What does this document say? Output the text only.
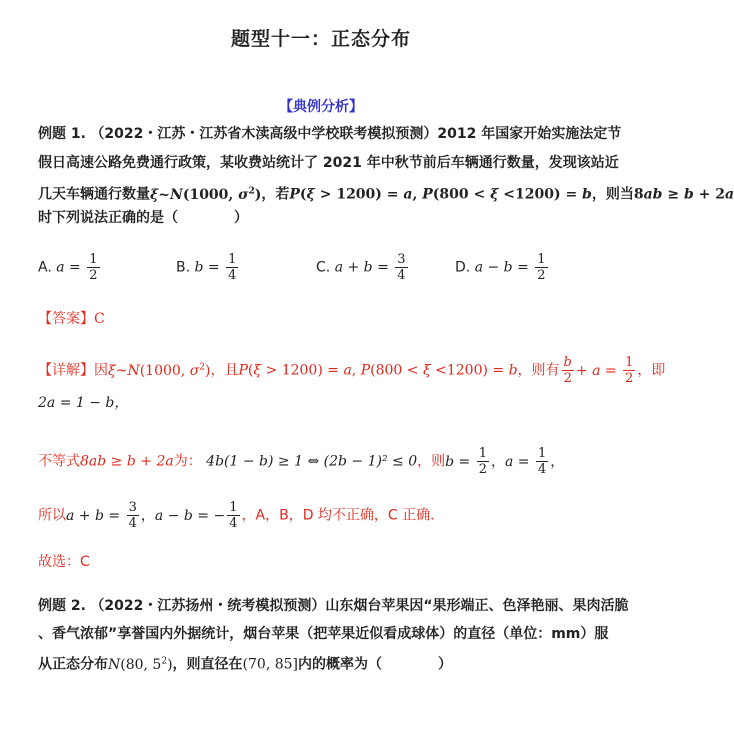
题型十一：正态分布
【典例分析】
例题 1. （2022・江苏・江苏省木渎高级中学校联考模拟预测）2012 年国家开始实施法定节
假日高速公路免费通行政策，某收费站统计了 2021 年中秋节前后车辆通行数量，发现该站近
几天车辆通行数量ξ~N(1000, $\sigma^2$)，若P(ξ > 1200) = a, P(800 < ξ <1200) = b，则当8ab ≥ b + 2a
时下列说法正确的是（　　　　）
A. $a = \frac{1}{2}$	B. $b = \frac{1}{4}$	C. $a + b = \frac{3}{4}$	D. $a - b = \frac{1}{2}$
【答案】C
【详解】因ξ~N(1000, $\sigma^2$)，且P(ξ > 1200) = a, P(800 < ξ <1200) = b，则有 $\frac{b}{2} + a = \frac{1}{2}$ ，即
2a = 1 − b，
不等式8ab ≥ b + 2a为： 4b(1 − b) ≥ 1 ⇔ (2b − 1)² ≤ 0，则$b = \frac{1}{2}$ ，$a = \frac{1}{4}$ ，
所以$a + b = \frac{3}{4}$ ，a − b = − $\frac{1}{4}$ ，A，B，D 均不正确，C 正确.
故选：C
例题 2. （2022・江苏扬州・统考模拟预测）山东烟台苹果因“果形端正、色泽艳丽、果肉活脆
、香气浓郁”享誉国内外据统计，烟台苹果（把苹果近似看成球体）的直径（单位：mm）服
从正态分布N(80, $5^2$)，则直径在(70, 85]内的概率为（　　　　）
